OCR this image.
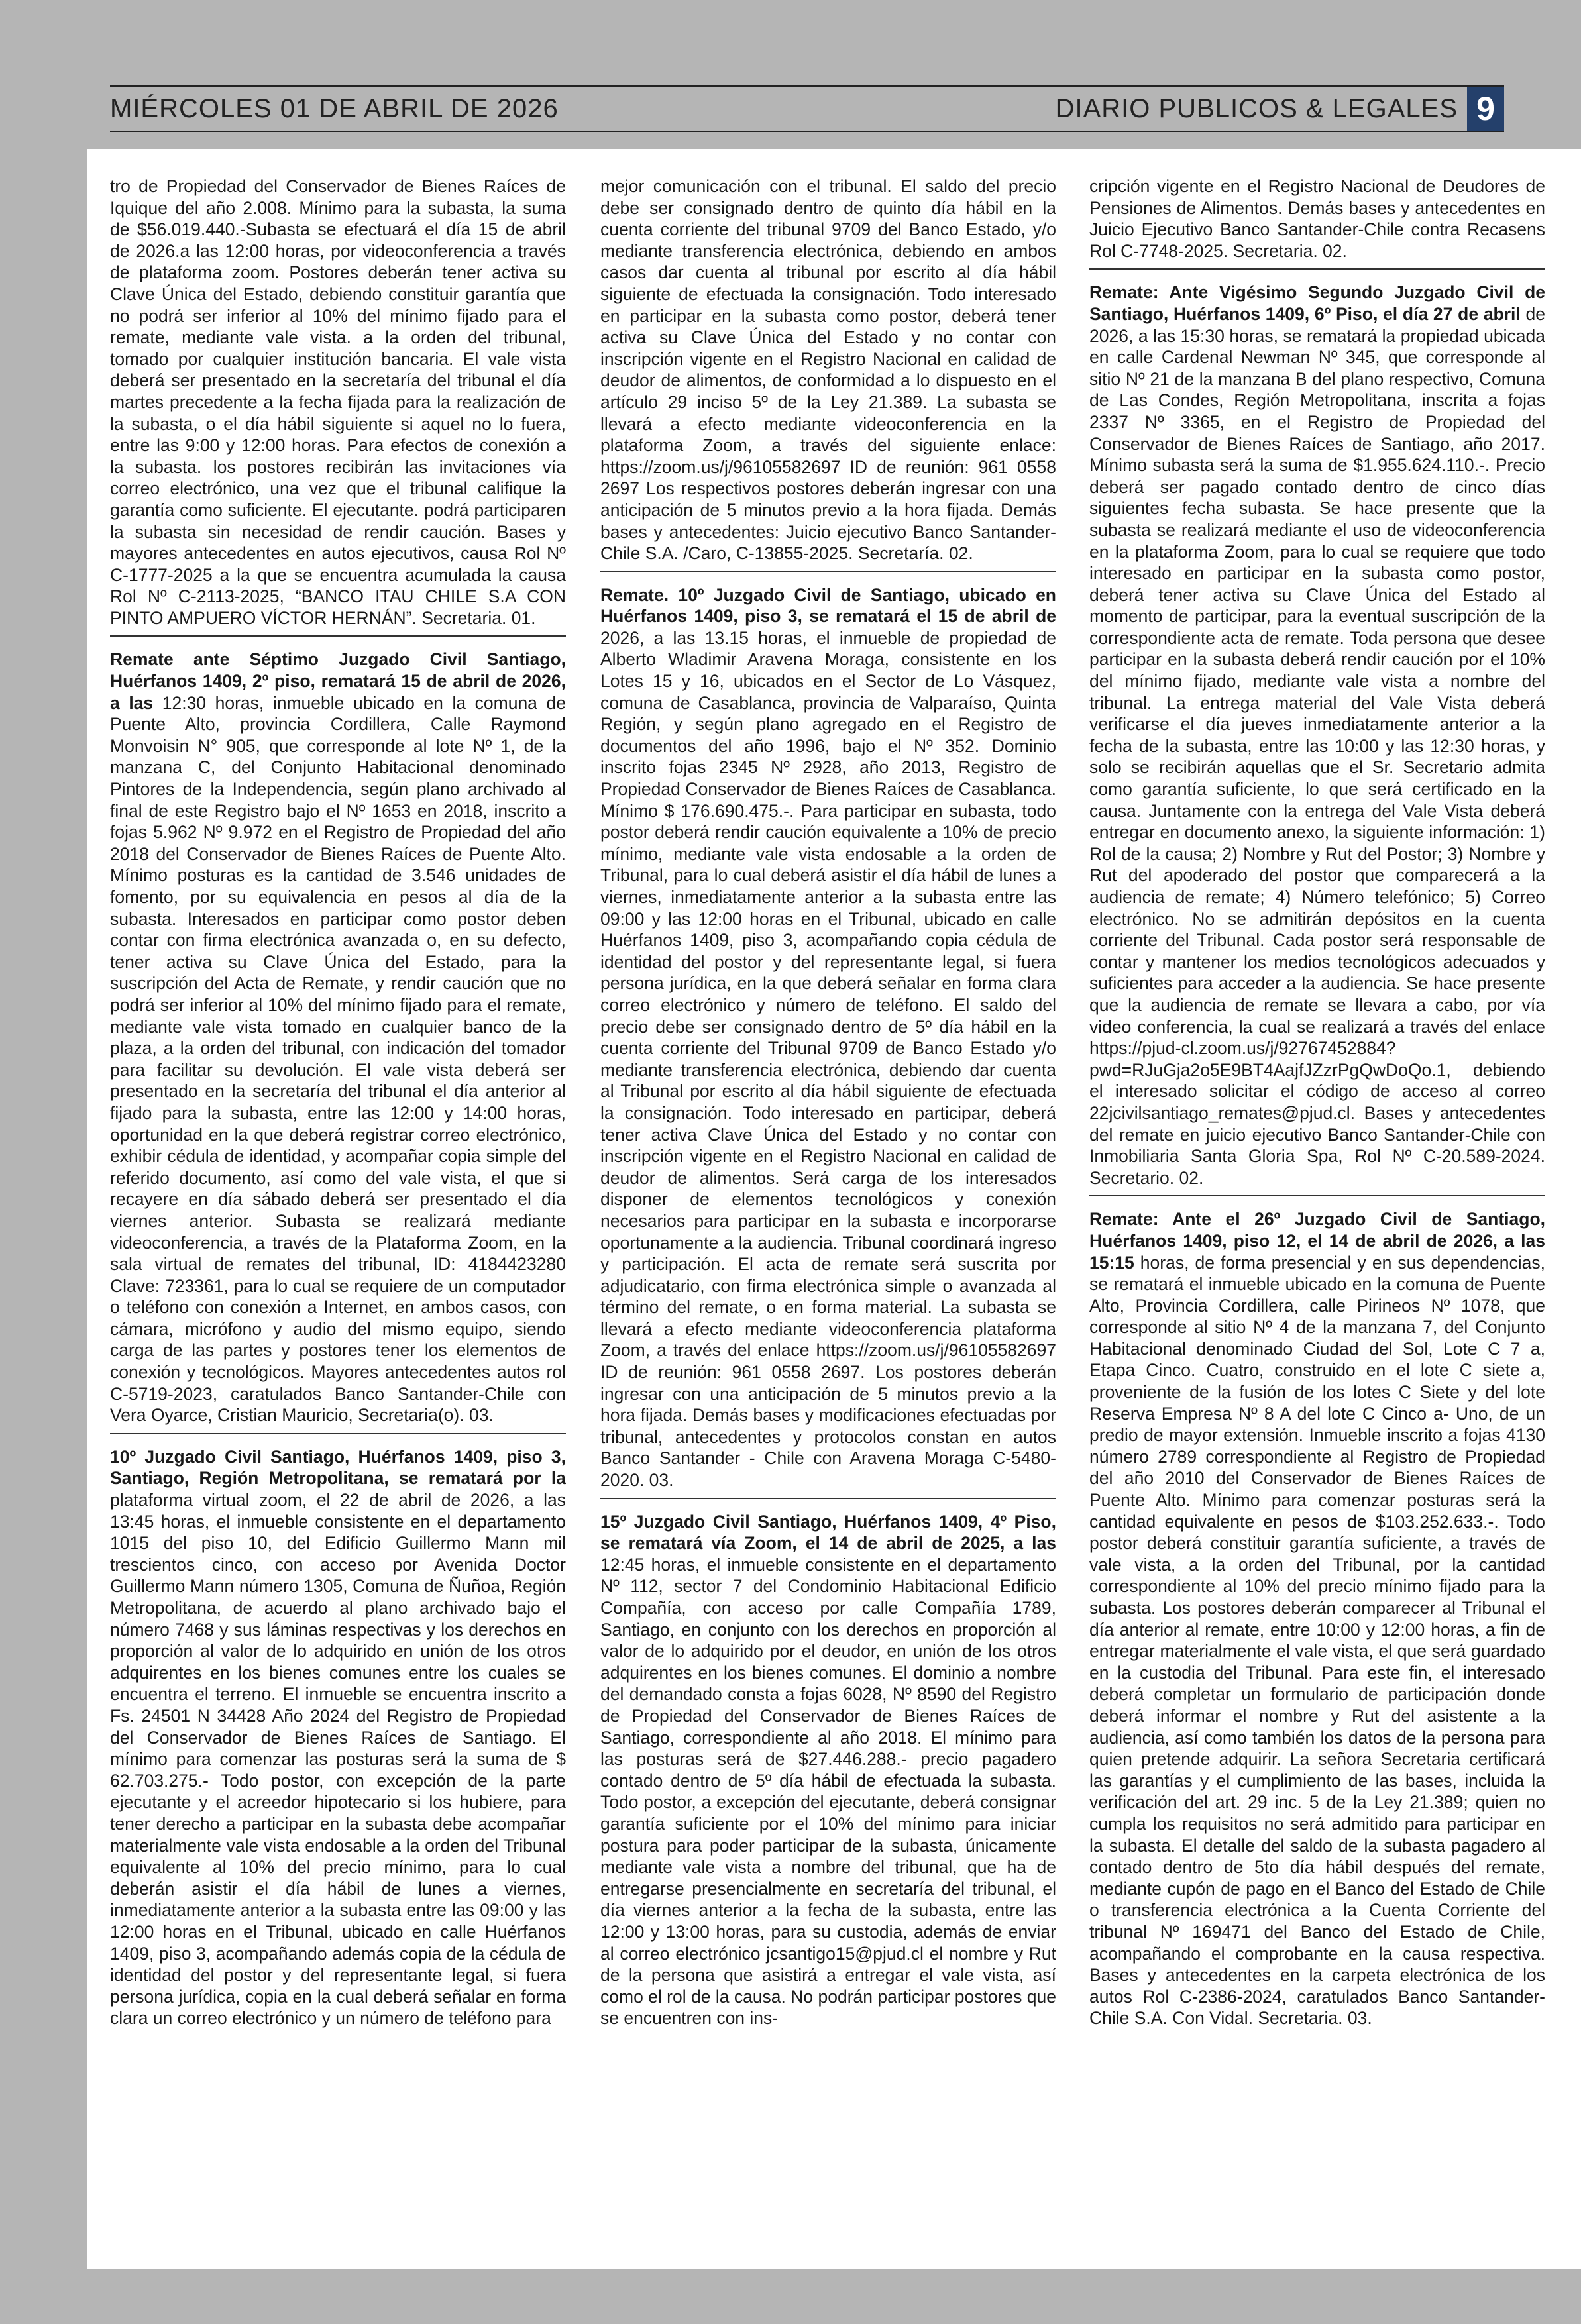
MIÉRCOLES 01 DE ABRIL DE 2026	DIARIO PUBLICOS & LEGALES 9
tro de Propiedad del Conservador de Bienes Raíces de Iquique del año 2.008. Mínimo para la subasta, la suma de $56.019.440.-Subasta se efectuará el día 15 de abril de 2026.a las 12:00 horas, por videoconferencia a través de plataforma zoom. Postores deberán tener activa su Clave Única del Estado, debiendo constituir garantía que no podrá ser inferior al 10% del mínimo fijado para el remate, mediante vale vista. a la orden del tribunal, tomado por cualquier institución bancaria. El vale vista deberá ser presentado en la secretaría del tribunal el día martes precedente a la fecha fijada para la realización de la subasta, o el día hábil siguiente si aquel no lo fuera, entre las 9:00 y 12:00 horas. Para efectos de conexión a la subasta. los postores recibirán las invitaciones vía correo electrónico, una vez que el tribunal califique la garantía como suficiente. El ejecutante. podrá participaren la subasta sin necesidad de rendir caución. Bases y mayores antecedentes en autos ejecutivos, causa Rol Nº C-1777-2025 a la que se encuentra acumulada la causa Rol Nº C-2113-2025, “BANCO ITAU CHILE S.A CON PINTO AMPUERO VÍCTOR HERNÁN”. Secretaria. 01.
Remate ante Séptimo Juzgado Civil Santiago, Huérfanos 1409, 2º piso, rematará 15 de abril de 2026, a las 12:30 horas, inmueble ubicado en la comuna de Puente Alto, provincia Cordillera, Calle Raymond Monvoisin N° 905, que corresponde al lote Nº 1, de la manzana C, del Conjunto Habitacional denominado Pintores de la Independencia, según plano archivado al final de este Registro bajo el Nº 1653 en 2018, inscrito a fojas 5.962 Nº 9.972 en el Registro de Propiedad del año 2018 del Conservador de Bienes Raíces de Puente Alto. Mínimo posturas es la cantidad de 3.546 unidades de fomento, por su equivalencia en pesos al día de la subasta. Interesados en participar como postor deben contar con firma electrónica avanzada o, en su defecto, tener activa su Clave Única del Estado, para la suscripción del Acta de Remate, y rendir caución que no podrá ser inferior al 10% del mínimo fijado para el remate, mediante vale vista tomado en cualquier banco de la plaza, a la orden del tribunal, con indicación del tomador para facilitar su devolución. El vale vista deberá ser presentado en la secretaría del tribunal el día anterior al fijado para la subasta, entre las 12:00 y 14:00 horas, oportunidad en la que deberá registrar correo electrónico, exhibir cédula de identidad, y acompañar copia simple del referido documento, así como del vale vista, el que si recayere en día sábado deberá ser presentado el día viernes anterior. Subasta se realizará mediante videoconferencia, a través de la Plataforma Zoom, en la sala virtual de remates del tribunal, ID: 4184423280 Clave: 723361, para lo cual se requiere de un computador o teléfono con conexión a Internet, en ambos casos, con cámara, micrófono y audio del mismo equipo, siendo carga de las partes y postores tener los elementos de conexión y tecnológicos. Mayores antecedentes autos rol C-5719-2023, caratulados Banco Santander-Chile con Vera Oyarce, Cristian Mauricio, Secretaria(o). 03.
10º Juzgado Civil Santiago, Huérfanos 1409, piso 3, Santiago, Región Metropolitana, se rematará por la plataforma virtual zoom, el 22 de abril de 2026, a las 13:45 horas, el inmueble consistente en el departamento 1015 del piso 10, del Edificio Guillermo Mann mil trescientos cinco, con acceso por Avenida Doctor Guillermo Mann número 1305, Comuna de Ñuñoa, Región Metropolitana, de acuerdo al plano archivado bajo el número 7468 y sus láminas respectivas y los derechos en proporción al valor de lo adquirido en unión de los otros adquirentes en los bienes comunes entre los cuales se encuentra el terreno. El inmueble se encuentra inscrito a Fs. 24501 N 34428 Año 2024 del Registro de Propiedad del Conservador de Bienes Raíces de Santiago. El mínimo para comenzar las posturas será la suma de $ 62.703.275.- Todo postor, con excepción de la parte ejecutante y el acreedor hipotecario si los hubiere, para tener derecho a participar en la subasta debe acompañar materialmente vale vista endosable a la orden del Tribunal equivalente al 10% del precio mínimo, para lo cual deberán asistir el día hábil de lunes a viernes, inmediatamente anterior a la subasta entre las 09:00 y las 12:00 horas en el Tribunal, ubicado en calle Huérfanos 1409, piso 3, acompañando además copia de la cédula de identidad del postor y del representante legal, si fuera persona jurídica, copia en la cual deberá señalar en forma clara un correo electrónico y un número de teléfono para
mejor comunicación con el tribunal. El saldo del precio debe ser consignado dentro de quinto día hábil en la cuenta corriente del tribunal 9709 del Banco Estado, y/o mediante transferencia electrónica, debiendo en ambos casos dar cuenta al tribunal por escrito al día hábil siguiente de efectuada la consignación. Todo interesado en participar en la subasta como postor, deberá tener activa su Clave Única del Estado y no contar con inscripción vigente en el Registro Nacional en calidad de deudor de alimentos, de conformidad a lo dispuesto en el artículo 29 inciso 5º de la Ley 21.389. La subasta se llevará a efecto mediante videoconferencia en la plataforma Zoom, a través del siguiente enlace: https://zoom.us/j/96105582697 ID de reunión: 961 0558 2697 Los respectivos postores deberán ingresar con una anticipación de 5 minutos previo a la hora fijada. Demás bases y antecedentes: Juicio ejecutivo Banco Santander- Chile S.A. /Caro, C-13855-2025. Secretaría. 02.
Remate. 10º Juzgado Civil de Santiago, ubicado en Huérfanos 1409, piso 3, se rematará el 15 de abril de 2026, a las 13.15 horas, el inmueble de propiedad de Alberto Wladimir Aravena Moraga, consistente en los Lotes 15 y 16, ubicados en el Sector de Lo Vásquez, comuna de Casablanca, provincia de Valparaíso, Quinta Región, y según plano agregado en el Registro de documentos del año 1996, bajo el Nº 352. Dominio inscrito fojas 2345 Nº 2928, año 2013, Registro de Propiedad Conservador de Bienes Raíces de Casablanca. Mínimo $ 176.690.475.-. Para participar en subasta, todo postor deberá rendir caución equivalente a 10% de precio mínimo, mediante vale vista endosable a la orden de Tribunal, para lo cual deberá asistir el día hábil de lunes a viernes, inmediatamente anterior a la subasta entre las 09:00 y las 12:00 horas en el Tribunal, ubicado en calle Huérfanos 1409, piso 3, acompañando copia cédula de identidad del postor y del representante legal, si fuera persona jurídica, en la que deberá señalar en forma clara correo electrónico y número de teléfono. El saldo del precio debe ser consignado dentro de 5º día hábil en la cuenta corriente del Tribunal 9709 de Banco Estado y/o mediante transferencia electrónica, debiendo dar cuenta al Tribunal por escrito al día hábil siguiente de efectuada la consignación. Todo interesado en participar, deberá tener activa Clave Única del Estado y no contar con inscripción vigente en el Registro Nacional en calidad de deudor de alimentos. Será carga de los interesados disponer de elementos tecnológicos y conexión necesarios para participar en la subasta e incorporarse oportunamente a la audiencia. Tribunal coordinará ingreso y participación. El acta de remate será suscrita por adjudicatario, con firma electrónica simple o avanzada al término del remate, o en forma material. La subasta se llevará a efecto mediante videoconferencia plataforma Zoom, a través del enlace https://zoom.us/j/96105582697 ID de reunión: 961 0558 2697. Los postores deberán ingresar con una anticipación de 5 minutos previo a la hora fijada. Demás bases y modificaciones efectuadas por tribunal, antecedentes y protocolos constan en autos Banco Santander - Chile con Aravena Moraga C-5480-2020. 03.
15º Juzgado Civil Santiago, Huérfanos 1409, 4º Piso, se rematará vía Zoom, el 14 de abril de 2025, a las 12:45 horas, el inmueble consistente en el departamento Nº 112, sector 7 del Condominio Habitacional Edificio Compañía, con acceso por calle Compañía 1789, Santiago, en conjunto con los derechos en proporción al valor de lo adquirido por el deudor, en unión de los otros adquirentes en los bienes comunes. El dominio a nombre del demandado consta a fojas 6028, Nº 8590 del Registro de Propiedad del Conservador de Bienes Raíces de Santiago, correspondiente al año 2018. El mínimo para las posturas será de $27.446.288.- precio pagadero contado dentro de 5º día hábil de efectuada la subasta. Todo postor, a excepción del ejecutante, deberá consignar garantía suficiente por el 10% del mínimo para iniciar postura para poder participar de la subasta, únicamente mediante vale vista a nombre del tribunal, que ha de entregarse presencialmente en secretaría del tribunal, el día viernes anterior a la fecha de la subasta, entre las 12:00 y 13:00 horas, para su custodia, además de enviar al correo electrónico jcsantigo15@pjud.cl el nombre y Rut de la persona que asistirá a entregar el vale vista, así como el rol de la causa. No podrán participar postores que se encuentren con ins-
cripción vigente en el Registro Nacional de Deudores de Pensiones de Alimentos. Demás bases y antecedentes en Juicio Ejecutivo Banco Santander-Chile contra Recasens Rol C-7748-2025. Secretaria. 02.
Remate: Ante Vigésimo Segundo Juzgado Civil de Santiago, Huérfanos 1409, 6º Piso, el día 27 de abril de 2026, a las 15:30 horas, se rematará la propiedad ubicada en calle Cardenal Newman Nº 345, que corresponde al sitio Nº 21 de la manzana B del plano respectivo, Comuna de Las Condes, Región Metropolitana, inscrita a fojas 2337 Nº 3365, en el Registro de Propiedad del Conservador de Bienes Raíces de Santiago, año 2017. Mínimo subasta será la suma de $1.955.624.110.-. Precio deberá ser pagado contado dentro de cinco días siguientes fecha subasta. Se hace presente que la subasta se realizará mediante el uso de videoconferencia en la plataforma Zoom, para lo cual se requiere que todo interesado en participar en la subasta como postor, deberá tener activa su Clave Única del Estado al momento de participar, para la eventual suscripción de la correspondiente acta de remate. Toda persona que desee participar en la subasta deberá rendir caución por el 10% del mínimo fijado, mediante vale vista a nombre del tribunal. La entrega material del Vale Vista deberá verificarse el día jueves inmediatamente anterior a la fecha de la subasta, entre las 10:00 y las 12:30 horas, y solo se recibirán aquellas que el Sr. Secretario admita como garantía suficiente, lo que será certificado en la causa. Juntamente con la entrega del Vale Vista deberá entregar en documento anexo, la siguiente información: 1) Rol de la causa; 2) Nombre y Rut del Postor; 3) Nombre y Rut del apoderado del postor que comparecerá a la audiencia de remate; 4) Número telefónico; 5) Correo electrónico. No se admitirán depósitos en la cuenta corriente del Tribunal. Cada postor será responsable de contar y mantener los medios tecnológicos adecuados y suficientes para acceder a la audiencia. Se hace presente que la audiencia de remate se llevara a cabo, por vía video conferencia, la cual se realizará a través del enlace https://pjud-cl.zoom.us/j/92767452884?pwd=RJuGja2o5E9BT4AajfJZzrPgQwDoQo.1, debiendo el interesado solicitar el código de acceso al correo 22jcivilsantiago_remates@pjud.cl. Bases y antecedentes del remate en juicio ejecutivo Banco Santander-Chile con Inmobiliaria Santa Gloria Spa, Rol Nº C-20.589-2024. Secretario. 02.
Remate: Ante el 26º Juzgado Civil de Santiago, Huérfanos 1409, piso 12, el 14 de abril de 2026, a las 15:15 horas, de forma presencial y en sus dependencias, se rematará el inmueble ubicado en la comuna de Puente Alto, Provincia Cordillera, calle Pirineos Nº 1078, que corresponde al sitio Nº 4 de la manzana 7, del Conjunto Habitacional denominado Ciudad del Sol, Lote C 7 a, Etapa Cinco. Cuatro, construido en el lote C siete a, proveniente de la fusión de los lotes C Siete y del lote Reserva Empresa Nº 8 A del lote C Cinco a- Uno, de un predio de mayor extensión. Inmueble inscrito a fojas 4130 número 2789 correspondiente al Registro de Propiedad del año 2010 del Conservador de Bienes Raíces de Puente Alto. Mínimo para comenzar posturas será la cantidad equivalente en pesos de $103.252.633.-. Todo postor deberá constituir garantía suficiente, a través de vale vista, a la orden del Tribunal, por la cantidad correspondiente al 10% del precio mínimo fijado para la subasta. Los postores deberán comparecer al Tribunal el día anterior al remate, entre 10:00 y 12:00 horas, a fin de entregar materialmente el vale vista, el que será guardado en la custodia del Tribunal. Para este fin, el interesado deberá completar un formulario de participación donde deberá informar el nombre y Rut del asistente a la audiencia, así como también los datos de la persona para quien pretende adquirir. La señora Secretaria certificará las garantías y el cumplimiento de las bases, incluida la verificación del art. 29 inc. 5 de la Ley 21.389; quien no cumpla los requisitos no será admitido para participar en la subasta. El detalle del saldo de la subasta pagadero al contado dentro de 5to día hábil después del remate, mediante cupón de pago en el Banco del Estado de Chile o transferencia electrónica a la Cuenta Corriente del tribunal Nº 169471 del Banco del Estado de Chile, acompañando el comprobante en la causa respectiva. Bases y antecedentes en la carpeta electrónica de los autos Rol C-2386-2024, caratulados Banco Santander- Chile S.A. Con Vidal. Secretaria. 03.
